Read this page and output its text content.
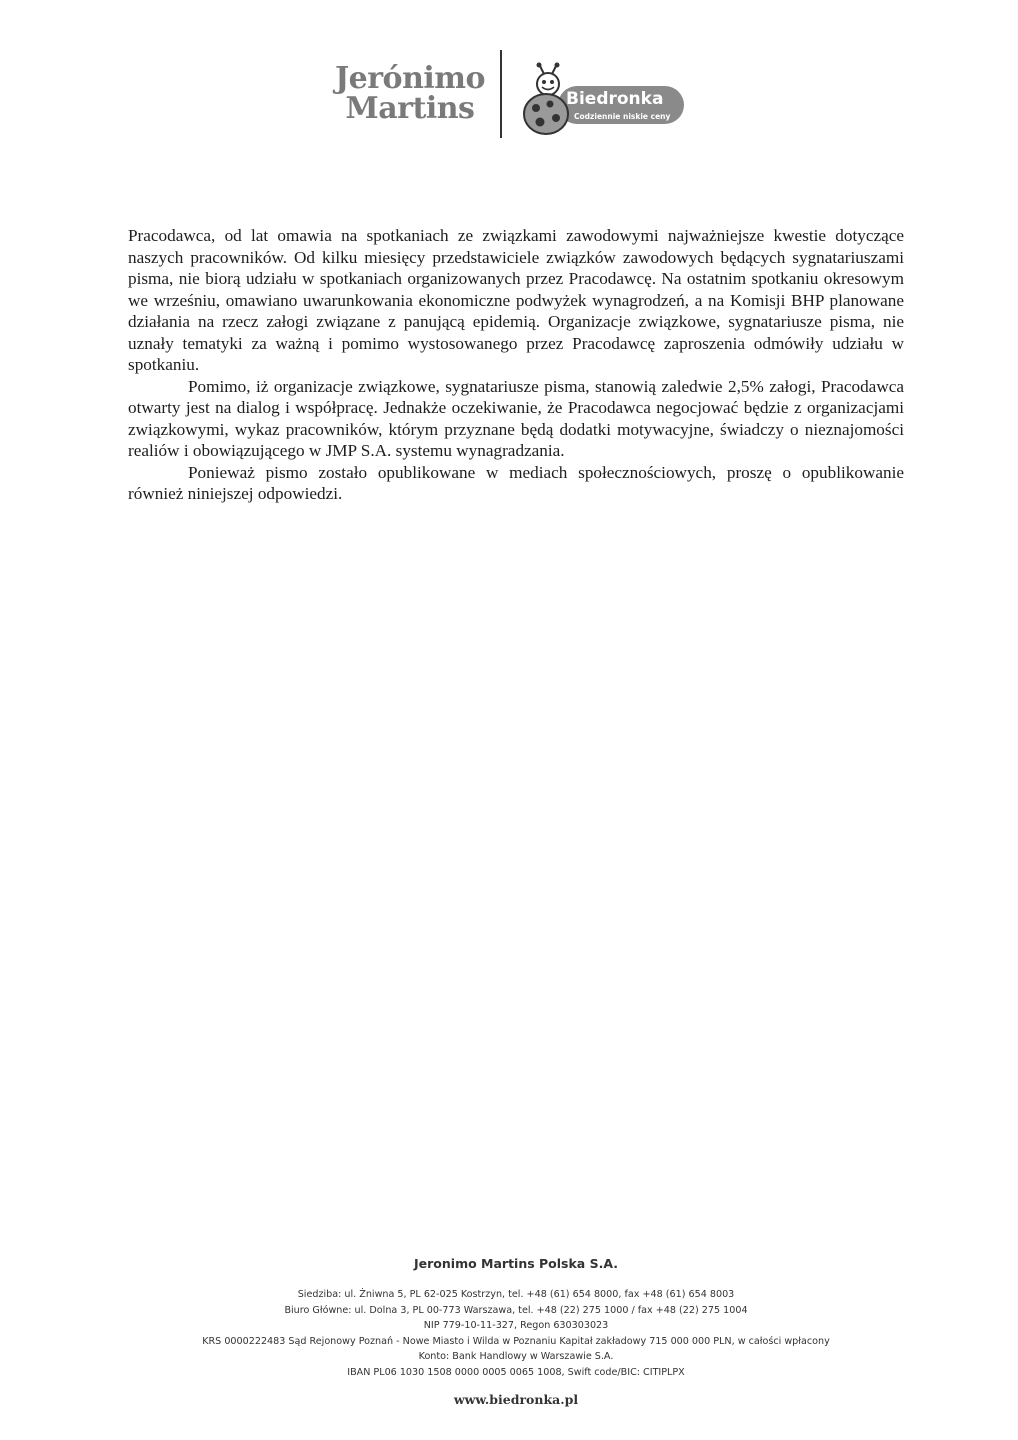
Jerónimo
Martins	Biedronka
Codziennie niskie ceny

Pracodawca, od lat omawia na spotkaniach ze związkami zawodowymi najważniejsze kwestie dotyczące naszych pracowników. Od kilku miesięcy przedstawiciele związków zawodowych będących sygnatariuszami pisma, nie biorą udziału w spotkaniach organizowanych przez Pracodawcę. Na ostatnim spotkaniu okresowym we wrześniu, omawiano uwarunkowania ekonomiczne podwyżek wynagrodzeń, a na Komisji BHP planowane działania na rzecz załogi związane z panującą epidemią. Organizacje związkowe, sygnatariusze pisma, nie uznały tematyki za ważną i pomimo wystosowanego przez Pracodawcę zaproszenia odmówiły udziału w spotkaniu.

Pomimo, iż organizacje związkowe, sygnatariusze pisma, stanowią zaledwie 2,5% załogi, Pracodawca otwarty jest na dialog i współpracę. Jednakże oczekiwanie, że Pracodawca negocjować będzie z organizacjami związkowymi, wykaz pracowników, którym przyznane będą dodatki motywacyjne, świadczy o nieznajomości realiów i obowiązującego w JMP S.A. systemu wynagradzania.

Ponieważ pismo zostało opublikowane w mediach społecznościowych, proszę o opublikowanie również niniejszej odpowiedzi.

Jeronimo Martins Polska S.A.
Siedziba: ul. Żniwna 5, PL 62-025 Kostrzyn, tel. +48 (61) 654 8000, fax +48 (61) 654 8003
Biuro Główne: ul. Dolna 3, PL 00-773 Warszawa, tel. +48 (22) 275 1000 / fax +48 (22) 275 1004
NIP 779-10-11-327, Regon 630303023
KRS 0000222483 Sąd Rejonowy Poznań - Nowe Miasto i Wilda w Poznaniu Kapitał zakładowy 715 000 000 PLN, w całości wpłacony
Konto: Bank Handlowy w Warszawie S.A.
IBAN PL06 1030 1508 0000 0005 0065 1008, Swift code/BIC: CITIPLPX
www.biedronka.pl
